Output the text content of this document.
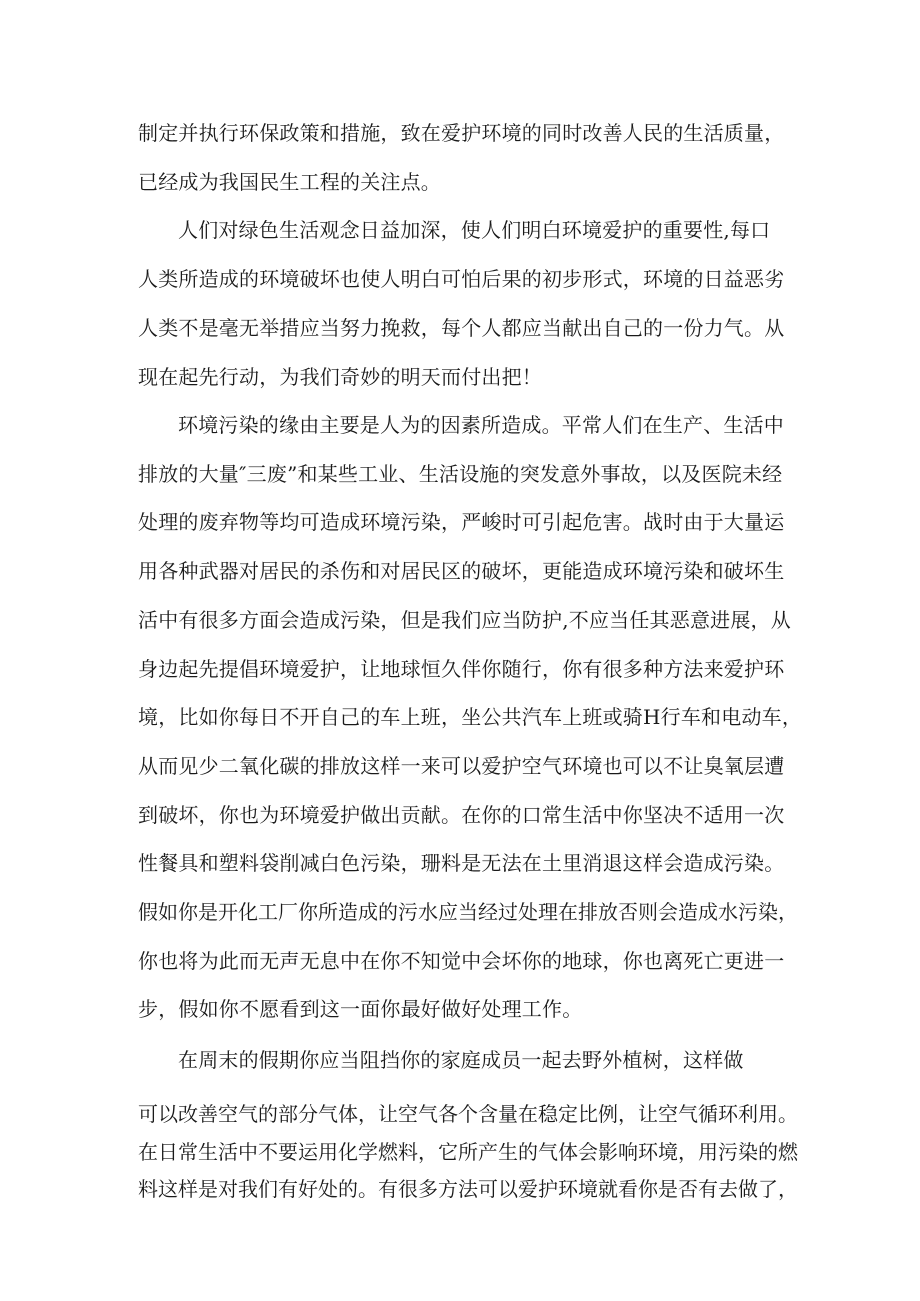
制定并执行环保政策和措施，致在爱护环境的同时改善人民的生活质量，

已经成为我国民生工程的关注点。

人们对绿色生活观念日益加深，使人们明白环境爱护的重要性,每口

人类所造成的环境破坏也使人明白可怕后果的初步形式，环境的日益恶劣

人类不是毫无举措应当努力挽救，每个人都应当献出自己的一份力气。从

现在起先行动，为我们奇妙的明天而付出把！

环境污染的缘由主要是人为的因素所造成。平常人们在生产、生活中

排放的大量″三废”和某些工业、生活设施的突发意外事故，以及医院未经

处理的废弃物等均可造成环境污染，严峻时可引起危害。战时由于大量运

用各种武器对居民的杀伤和对居民区的破坏，更能造成环境污染和破坏生

活中有很多方面会造成污染，但是我们应当防护,不应当任其恶意进展，从

身边起先提倡环境爱护，让地球恒久伴你随行，你有很多种方法来爱护环

境，比如你每日不开自己的车上班，坐公共汽车上班或骑H行车和电动车，

从而见少二氧化碳的排放这样一来可以爱护空气环境也可以不让臭氧层遭

到破坏，你也为环境爱护做出贡献。在你的口常生活中你坚决不适用一次

性餐具和塑料袋削减白色污染，珊料是无法在土里消退这样会造成污染。

假如你是开化工厂你所造成的污水应当经过处理在排放否则会造成水污染，

你也将为此而无声无息中在你不知觉中会坏你的地球，你也离死亡更进一

步，假如你不愿看到这一面你最好做好处理工作。

在周末的假期你应当阻挡你的家庭成员一起去野外植树，这样做

可以改善空气的部分气体，让空气各个含量在稳定比例，让空气循环利用。

在日常生活中不要运用化学燃料，它所产生的气体会影响环境，用污染的燃

料这样是对我们有好处的。有很多方法可以爱护环境就看你是否有去做了，
